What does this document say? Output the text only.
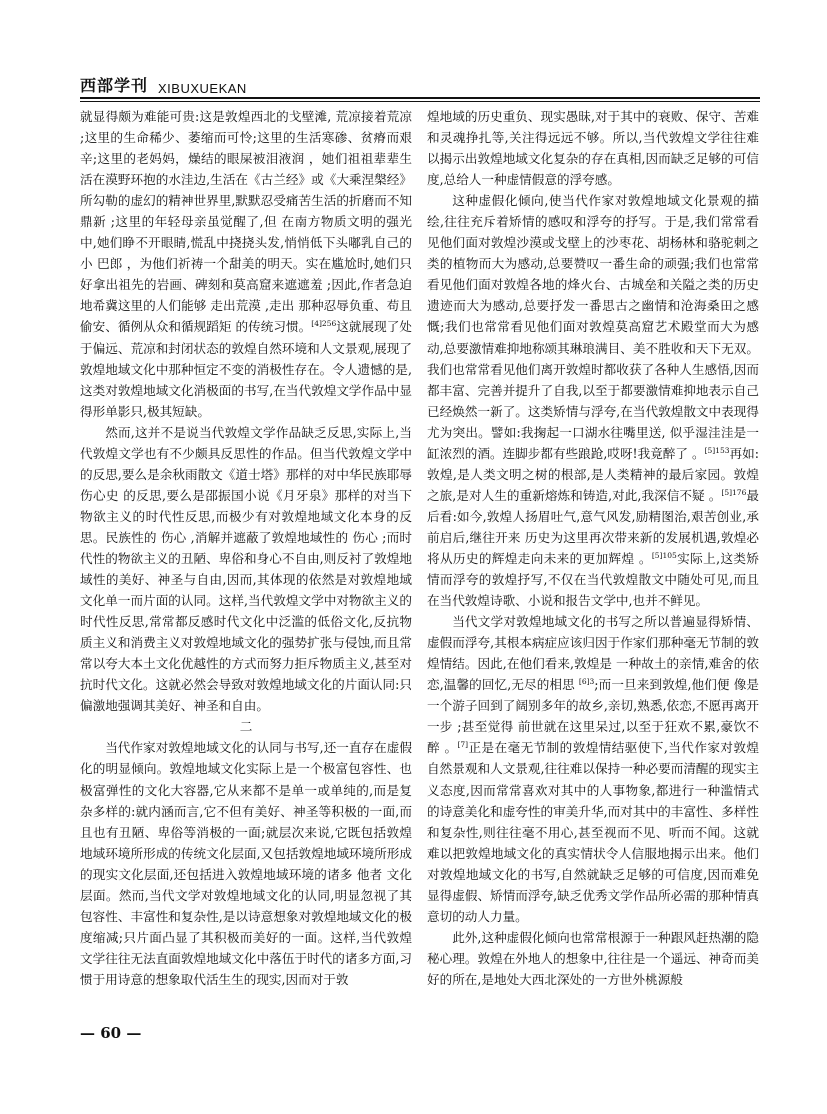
西部学刊 XIBUXUEKAN

就显得颇为难能可贵:这是敦煌西北的戈壁滩, 荒凉接着荒凉 ;这里的生命稀少、萎缩而可怜;这里的生活寒碜、贫瘠而艰辛;这里的老妈妈，燥结的眼屎被泪液润 ，她们祖祖辈辈生活在漠野环抱的水洼边,生活在《古兰经》或《大乘涅槃经》所勾勒的虚幻的精神世界里,默默忍受痛苦生活的折磨而不知鼎新 ;这里的年轻母亲虽觉醒了,但 在南方物质文明的强光中,她们睁不开眼睛,慌乱中挠挠头发,悄悄低下头嘟乳自己的小 巴郎 ，为他们祈祷一个甜美的明天。实在尴尬时,她们只好拿出祖先的岩画、碑刻和莫高窟来遮遮羞 ;因此,作者急迫地希冀这里的人们能够 走出荒漠 ,走出 那种忍辱负重、苟且偷安、循例从众和循规蹈矩 的传统习惯。$^{[4]256}$这就展现了处于偏远、荒凉和封闭状态的敦煌自然环境和人文景观,展现了敦煌地域文化中那种恒定不变的消极性存在。令人遗憾的是,这类对敦煌地域文化消极面的书写,在当代敦煌文学作品中显得形单影只,极其短缺。

然而,这并不是说当代敦煌文学作品缺乏反思,实际上,当代敦煌文学也有不少颇具反思性的作品。但当代敦煌文学中的反思,要么是余秋雨散文《道士塔》那样的对中华民族耶辱 伤心史 的反思,要么是邵振国小说《月牙泉》那样的对当下物欲主义的时代性反思,而极少有对敦煌地域文化本身的反思。民族性的 伤心 ,消解并遮蔽了敦煌地域性的 伤心 ;而时代性的物欲主义的丑陋、卑俗和身心不自由,则反衬了敦煌地域性的美好、神圣与自由,因而,其体现的依然是对敦煌地域文化单一而片面的认同。这样,当代敦煌文学中对物欲主义的时代性反思,常常都反感时代文化中泛滥的低俗文化,反抗物质主义和消费主义对敦煌地域文化的强势扩张与侵蚀,而且常常以夸大本土文化优越性的方式而努力拒斥物质主义,甚至对抗时代文化。这就必然会导致对敦煌地域文化的片面认同:只偏激地强调其美好、神圣和自由。

二

当代作家对敦煌地域文化的认同与书写,还一直存在虚假化的明显倾向。敦煌地域文化实际上是一个极富包容性、也极富弹性的文化大容器,它从来都不是单一或单纯的,而是复杂多样的:就内涵而言,它不但有美好、神圣等积极的一面,而且也有丑陋、卑俗等消极的一面;就层次来说,它既包括敦煌地域环境所形成的传统文化层面,又包括敦煌地域环境所形成的现实文化层面,还包括进入敦煌地域环境的诸多 他者 文化层面。然而,当代文学对敦煌地域文化的认同,明显忽视了其包容性、丰富性和复杂性,是以诗意想象对敦煌地域文化的极度缩减;只片面凸显了其积极而美好的一面。这样,当代敦煌文学往往无法直面敦煌地域文化中落伍于时代的诸多方面,习惯于用诗意的想象取代活生生的现实,因而对于敦

煌地域的历史重负、现实愚昧,对于其中的衰败、保守、苦难和灵魂挣扎等,关注得远远不够。所以,当代敦煌文学往往难以揭示出敦煌地域文化复杂的存在真相,因而缺乏足够的可信度,总给人一种虚情假意的浮夸感。

这种虚假化倾向,使当代作家对敦煌地域文化景观的描绘,往往充斥着矫情的感叹和浮夸的抒写。于是,我们常常看见他们面对敦煌沙漠或戈壁上的沙枣花、胡杨林和骆驼刺之类的植物而大为感动,总要赞叹一番生命的顽强;我们也常常看见他们面对敦煌各地的烽火台、古城垒和关隘之类的历史遗迹而大为感动,总要抒发一番思古之幽情和沧海桑田之感慨;我们也常常看见他们面对敦煌莫高窟艺术殿堂而大为感动,总要激情难抑地称颂其琳琅满目、美不胜收和天下无双。我们也常常看见他们离开敦煌时都收获了各种人生感悟,因而都丰富、完善并提升了自我,以至于都要激情难抑地表示自己已经焕然一新了。这类矫情与浮夸,在当代敦煌散文中表现得尤为突出。譬如:我掬起一口湖水往嘴里送, 似乎湿洼洼是一缸浓烈的酒。连脚步都有些踉跄,哎呀!我竟醉了 。$^{[5]153}$再如:敦煌,是人类文明之树的根部,是人类精神的最后家园。敦煌之旅,是对人生的重新熔炼和铸造,对此,我深信不疑 。$^{[5]176}$最后看:如今,敦煌人扬眉吐气,意气风发,励精图治,艰苦创业,承前启后,继往开来 历史为这里再次带来新的发展机遇,敦煌必将从历史的辉煌走向未来的更加辉煌 。$^{[5]105}$实际上,这类矫情而浮夸的敦煌抒写,不仅在当代敦煌散文中随处可见,而且在当代敦煌诗歌、小说和报告文学中,也并不鲜见。

当代文学对敦煌地域文化的书写之所以普遍显得矫情、虚假而浮夸,其根本病症应该归因于作家们那种毫无节制的敦煌情结。因此,在他们看来,敦煌是 一种故土的亲情,难舍的依恋,温馨的回忆,无尽的相思 $^{[6]3}$;而一旦来到敦煌,他们便 像是一个游子回到了阔别多年的故乡,亲切,熟悉,依恋,不愿再离开一步 ;甚至觉得 前世就在这里呆过,以至于狂欢不累,豪饮不醉 。[7]正是在毫无节制的敦煌情结驱使下,当代作家对敦煌自然景观和人文景观,往往难以保持一种必要而清醒的现实主义态度,因而常常喜欢对其中的人事物象,都进行一种滥情式的诗意美化和虚夸性的审美升华,而对其中的丰富性、多样性和复杂性,则往往毫不用心,甚至视而不见、听而不闻。这就难以把敦煌地域文化的真实情状令人信服地揭示出来。他们对敦煌地域文化的书写,自然就缺乏足够的可信度,因而难免显得虚假、矫情而浮夸,缺乏优秀文学作品所必需的那种情真意切的动人力量。

此外,这种虚假化倾向也常常根源于一种跟风赶热潮的隐秘心理。敦煌在外地人的想象中,往往是一个遥远、神奇而美好的所在,是地处大西北深处的一方世外桃源般

— 60 —
